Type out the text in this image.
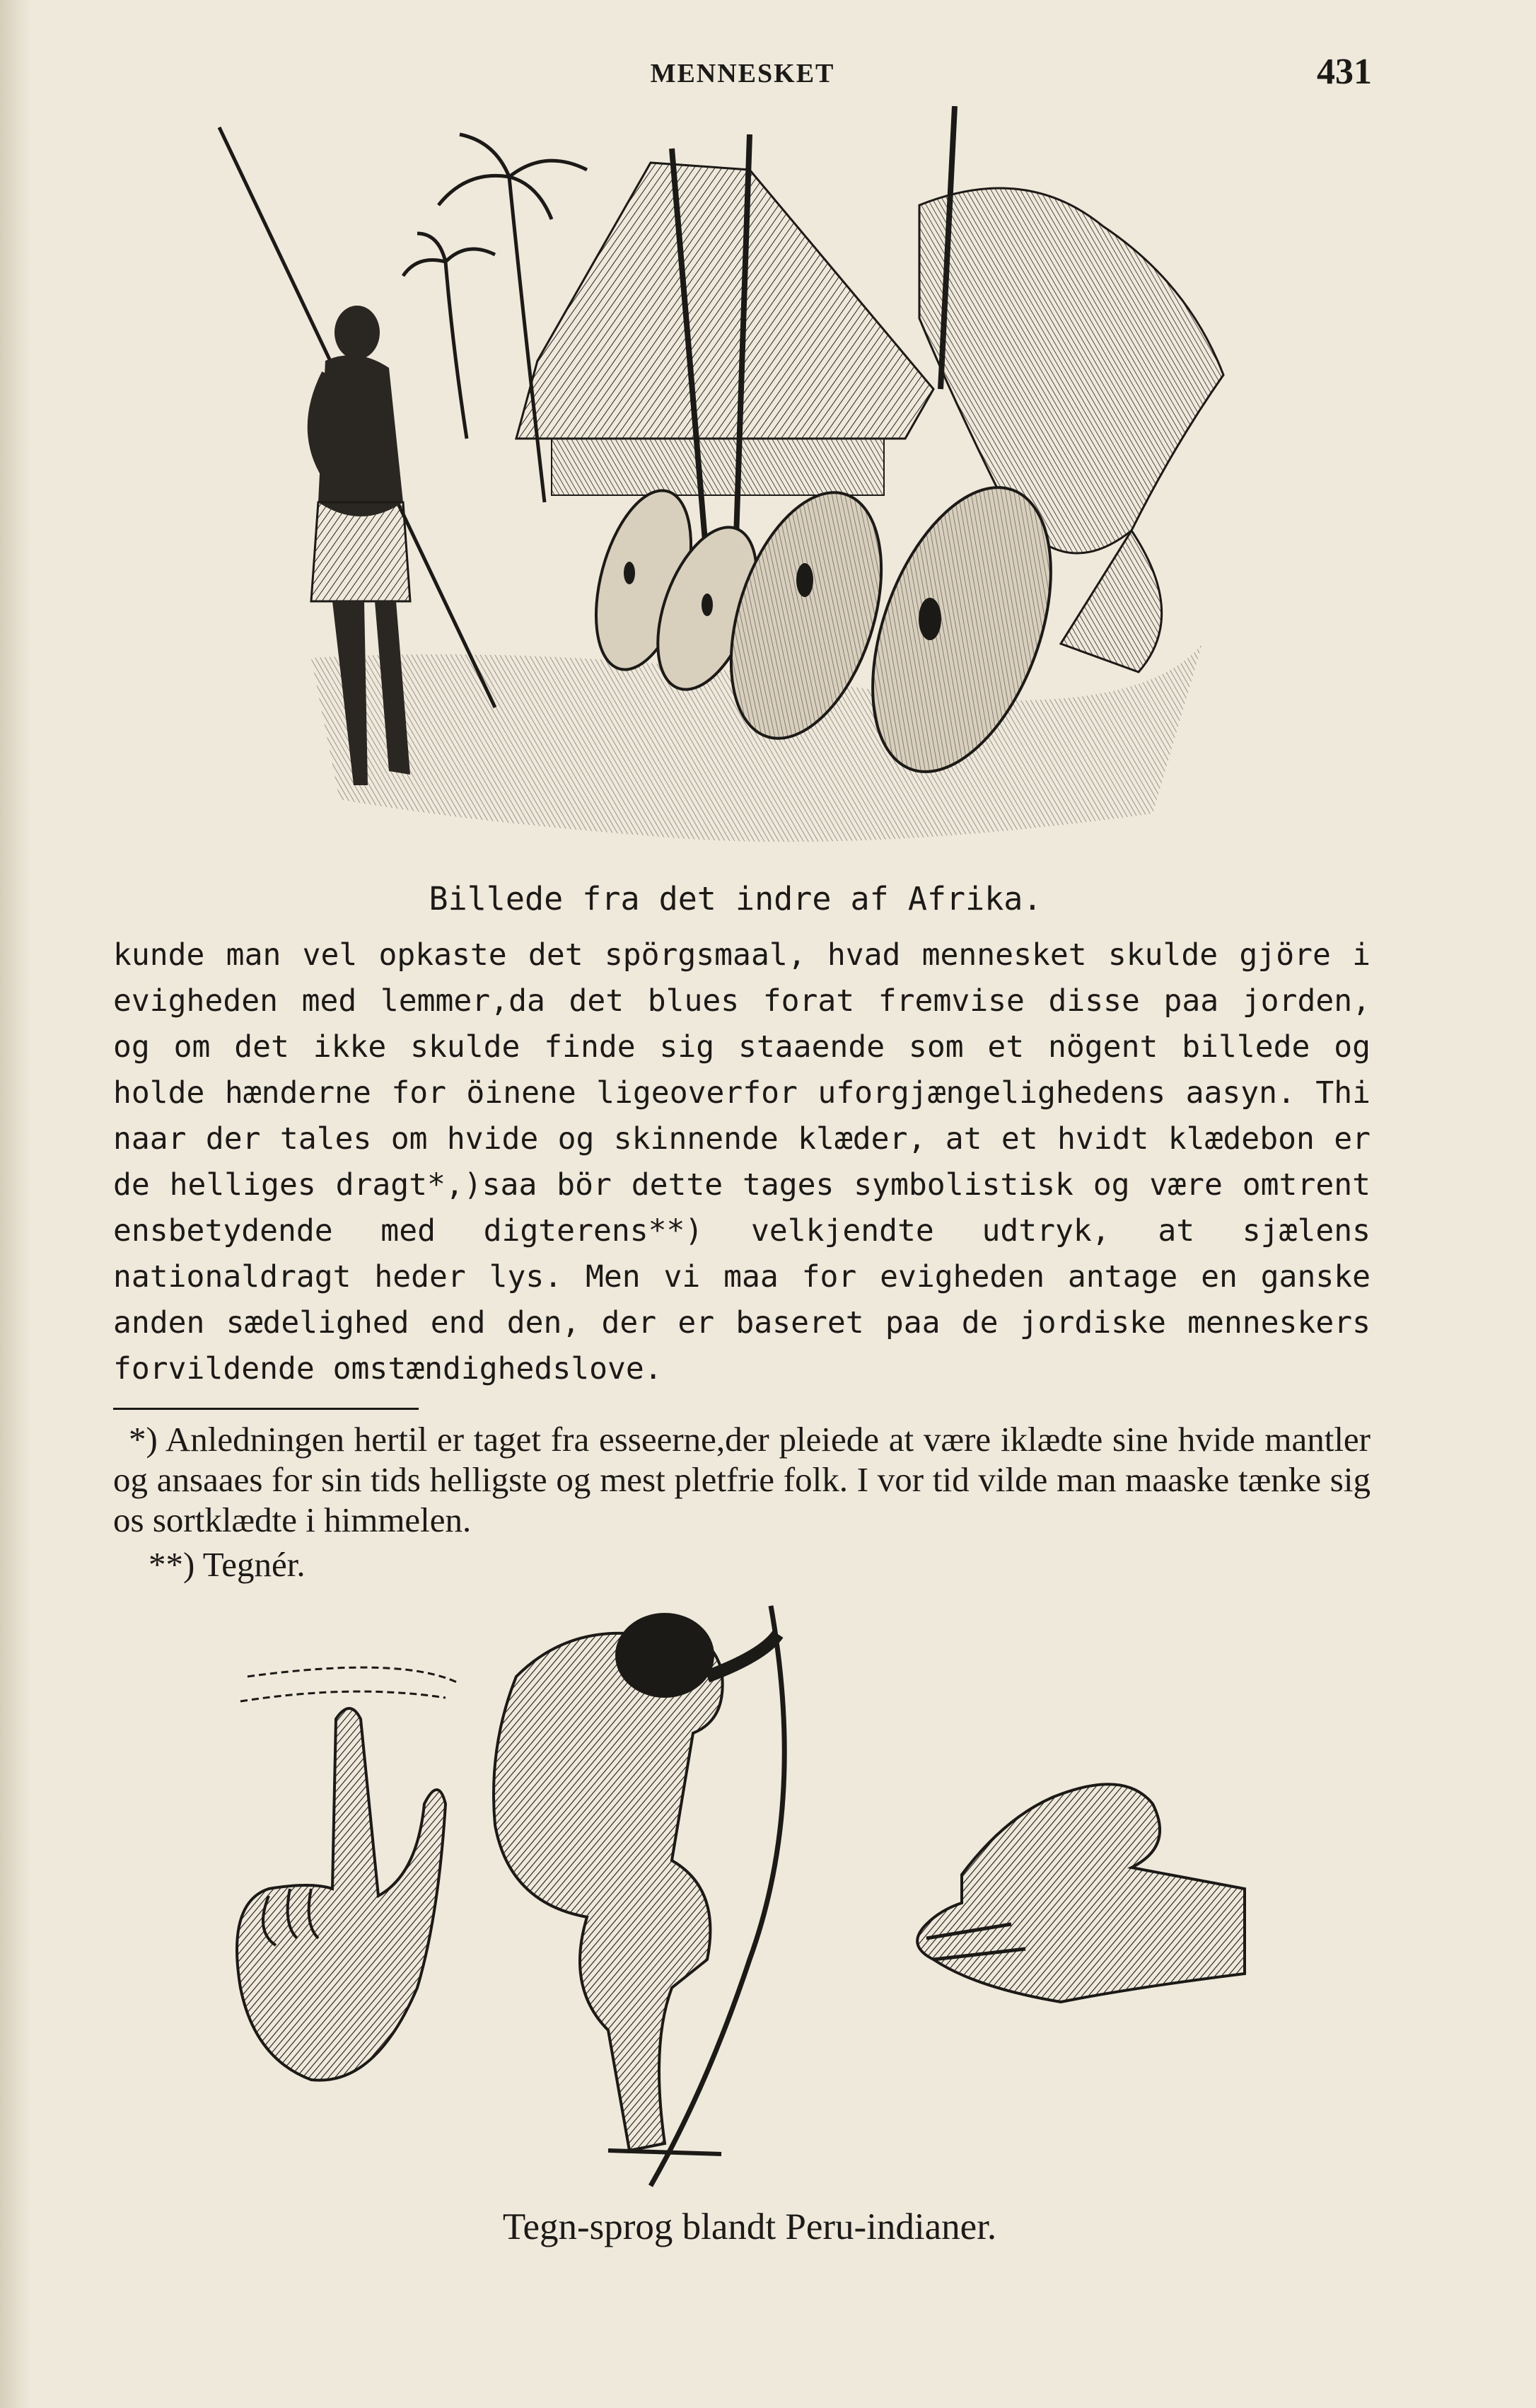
MENNESKET	431
Billede fra det indre af Afrika.
kunde man vel opkaste det spörgsmaal, hvad mennesket skulde gjöre i evigheden med lemmer,da det blues forat fremvise disse paa jorden, og om det ikke skulde finde sig staaende som et nögent billede og holde hænderne for öinene ligeoverfor uforgjængelighedens aasyn. Thi naar der tales om hvide og skinnende klæder, at et hvidt klædebon er de helliges dragt*,)saa bör dette tages symbolistisk og være omtrent ensbetydende med digterens**) velkjendte udtryk, at sjælens nationaldragt heder lys. Men vi maa for evigheden antage en ganske anden sædelighed end den, der er baseret paa de jordiske menneskers forvildende omstændighedslove.
*) Anledningen hertil er taget fra esseerne,der pleiede at være iklædte sine hvide mantler og ansaaes for sin tids helligste og mest pletfrie folk. I vor tid vilde man maaske tænke sig os sortklædte i himmelen.
**) Tegnér.
Tegn-sprog blandt Peru-indianer.
